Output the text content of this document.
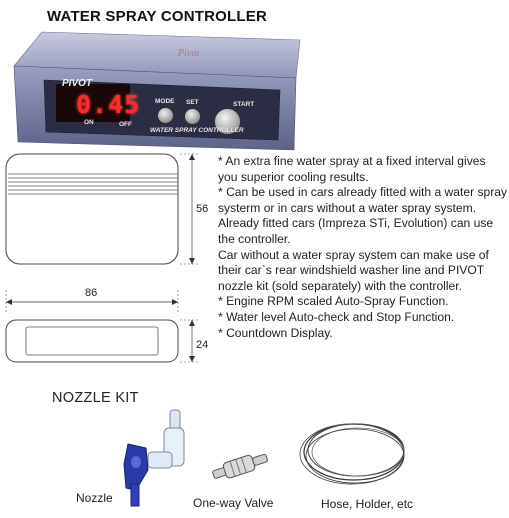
WATER SPRAY CONTROLLER
Pivot
PIVOT
0.45
ON	OFF
MODE SET	START
WATER SPRAY CONTROLLER
56
86
24

* An extra fine water spray at a fixed interval gives you superior cooling results.

* Can be used in cars already fitted with a water spray systerm or in cars without a water spray system.

Already fitted cars (Impreza STi, Evolution) can use the controller.

Car without a water spray system can make use of their car`s rear windshield washer line and PIVOT nozzle kit (sold separately) with the controller.

* Engine RPM scaled Auto-Spray Function.

* Water level Auto-check and Stop Function.

* Countdown Display.

NOZZLE KIT
Nozzle	One-way Valve	Hose, Holder, etc
